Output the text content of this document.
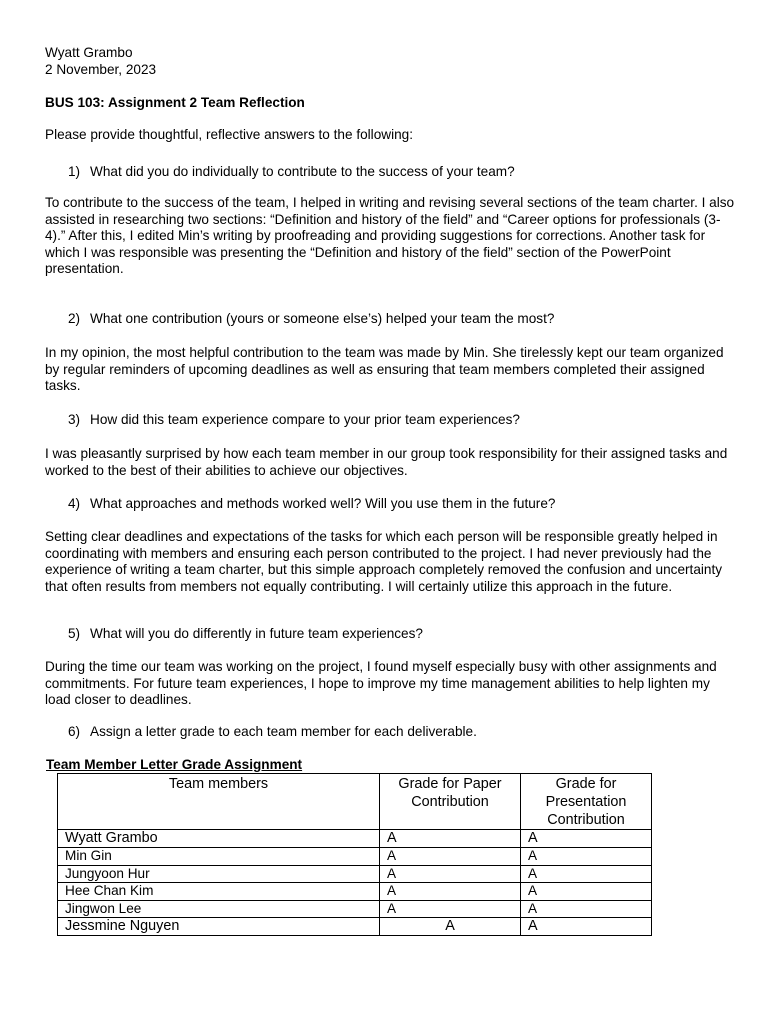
Wyatt Grambo

2 November, 2023

BUS 103: Assignment 2 Team Reflection

Please provide thoughtful, reflective answers to the following:

1) What did you do individually to contribute to the success of your team?

To contribute to the success of the team, I helped in writing and revising several sections of the team charter. I also assisted in researching two sections: “Definition and history of the field” and “Career options for professionals (3-4).” After this, I edited Min’s writing by proofreading and providing suggestions for corrections. Another task for which I was responsible was presenting the “Definition and history of the field” section of the PowerPoint presentation.

2) What one contribution (yours or someone else’s) helped your team the most?

In my opinion, the most helpful contribution to the team was made by Min. She tirelessly kept our team organized by regular reminders of upcoming deadlines as well as ensuring that team members completed their assigned tasks.

3) How did this team experience compare to your prior team experiences?

I was pleasantly surprised by how each team member in our group took responsibility for their assigned tasks and worked to the best of their abilities to achieve our objectives.

4) What approaches and methods worked well? Will you use them in the future?

Setting clear deadlines and expectations of the tasks for which each person will be responsible greatly helped in coordinating with members and ensuring each person contributed to the project. I had never previously had the experience of writing a team charter, but this simple approach completely removed the confusion and uncertainty that often results from members not equally contributing. I will certainly utilize this approach in the future.

5) What will you do differently in future team experiences?

During the time our team was working on the project, I found myself especially busy with other assignments and commitments. For future team experiences, I hope to improve my time management abilities to help lighten my load closer to deadlines.

6) Assign a letter grade to each team member for each deliverable.
Team Member Letter Grade Assignment
Team members	Grade for Paper Contribution	Grade for Presentation Contribution
Wyatt Grambo	A	A
Min Gin	A	A
Jungyoon Hur	A	A
Hee Chan Kim	A	A
Jingwon Lee	A	A
Jessmine Nguyen	A	A
